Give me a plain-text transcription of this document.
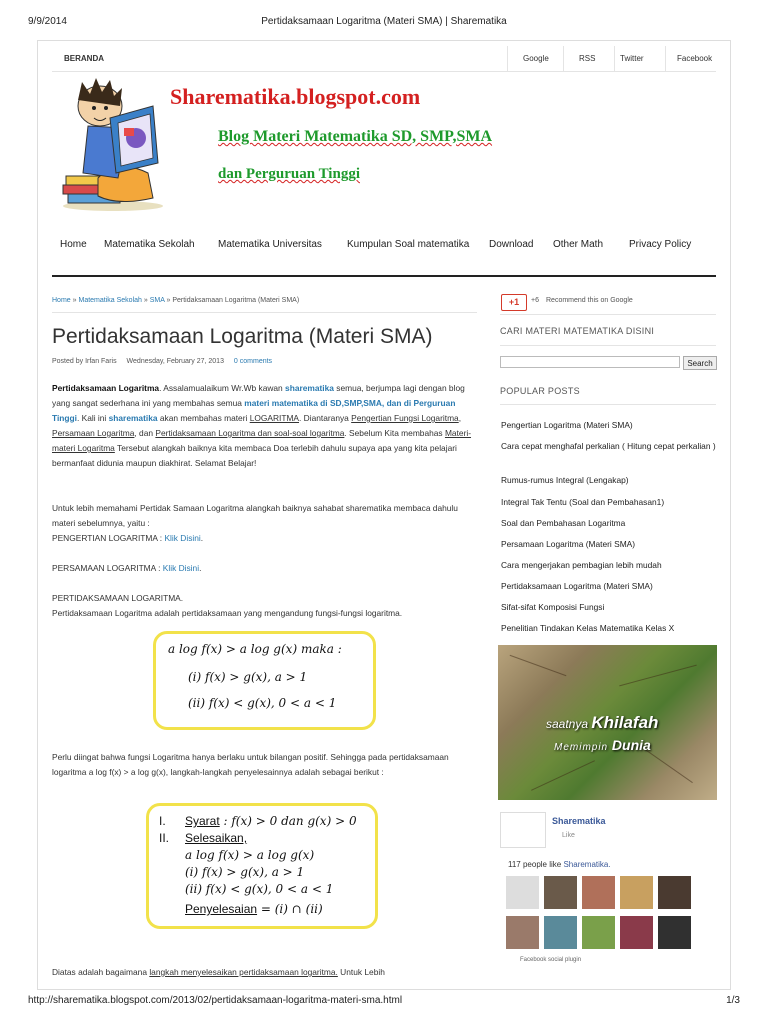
9/9/2014	Pertidaksamaan Logaritma (Materi SMA) | Sharematika
BERANDA	Google	RSS	Twitter	Facebook
Sharematika.blogspot.com
Blog Materi Matematika SD, SMP,SMA
dan Perguruan Tinggi
Home Matematika Sekolah Matematika Universitas	Kumpulan Soal matematika Download Other Math	Privacy Policy
Home » Matematika Sekolah » SMA » Pertidaksamaan Logaritma (Materi SMA)
Pertidaksamaan Logaritma (Materi SMA)
Posted by Irfan Faris Wednesday, February 27, 2013 0 comments
Pertidaksamaan Logaritma. Assalamualaikum Wr.Wb kawan sharematika semua, berjumpa lagi dengan blog yang sangat sederhana ini yang membahas semua materi matematika di SD,SMP,SMA, dan di Perguruan Tinggi. Kali ini sharematika akan membahas materi LOGARITMA. Diantaranya Pengertian Fungsi Logaritma, Persamaan Logaritma, dan Pertidaksamaan Logaritma dan soal-soal logaritma. Sebelum Kita membahas Materi-materi Logaritma Tersebut alangkah baiknya kita membaca Doa terlebih dahulu supaya apa yang kita pelajari bermanfaat didunia maupun diakhirat. Selamat Belajar!
Untuk lebih memahami Pertidak Samaan Logaritma alangkah baiknya sahabat sharematika membaca dahulu materi sebelumnya, yaitu :
PENGERTIAN LOGARITMA : Klik Disini.
PERSAMAAN LOGARITMA : Klik Disini.
PERTIDAKSAMAAN LOGARITMA.
Pertidaksamaan Logaritma adalah pertidaksamaan yang mengandung fungsi-fungsi logaritma.
a log f(x) > a log g(x) maka :
(i) f(x) > g(x), a > 1
(ii) f(x) < g(x), 0 < a < 1
Perlu diingat bahwa fungsi Logaritma hanya berlaku untuk bilangan positif. Sehingga pada pertidaksamaan logaritma a log f(x) > a log g(x), langkah-langkah penyelesainnya adalah sebagai berikut :
I. Syarat : f(x) > 0 dan g(x) > 0
II. Selesaikan,
a log f(x) > a log g(x)
(i) f(x) > g(x), a > 1
(ii) f(x) < g(x), 0 < a < 1
Penyelesaian = (i) ∩ (ii)
Diatas adalah bagaimana langkah menyelesaikan pertidaksamaan logaritma. Untuk Lebih
+1	+6 Recommend this on Google
CARI MATERI MATEMATIKA DISINI
Search
POPULAR POSTS
Pengertian Logaritma (Materi SMA)
Cara cepat menghafal perkalian ( Hitung cepat perkalian )
Rumus-rumus Integral (Lengakap)
Integral Tak Tentu (Soal dan Pembahasan1)
Soal dan Pembahasan Logaritma
Persamaan Logaritma (Materi SMA)
Cara mengerjakan pembagian lebih mudah
Pertidaksamaan Logaritma (Materi SMA)
Sifat-sifat Komposisi Fungsi
Penelitian Tindakan Kelas Matematika Kelas X
saatnya Khilafah
Memimpin Dunia
Sharematika
Like
117 people like Sharematika.
Facebook social plugin
http://sharematika.blogspot.com/2013/02/pertidaksamaan-logaritma-materi-sma.html	1/3
